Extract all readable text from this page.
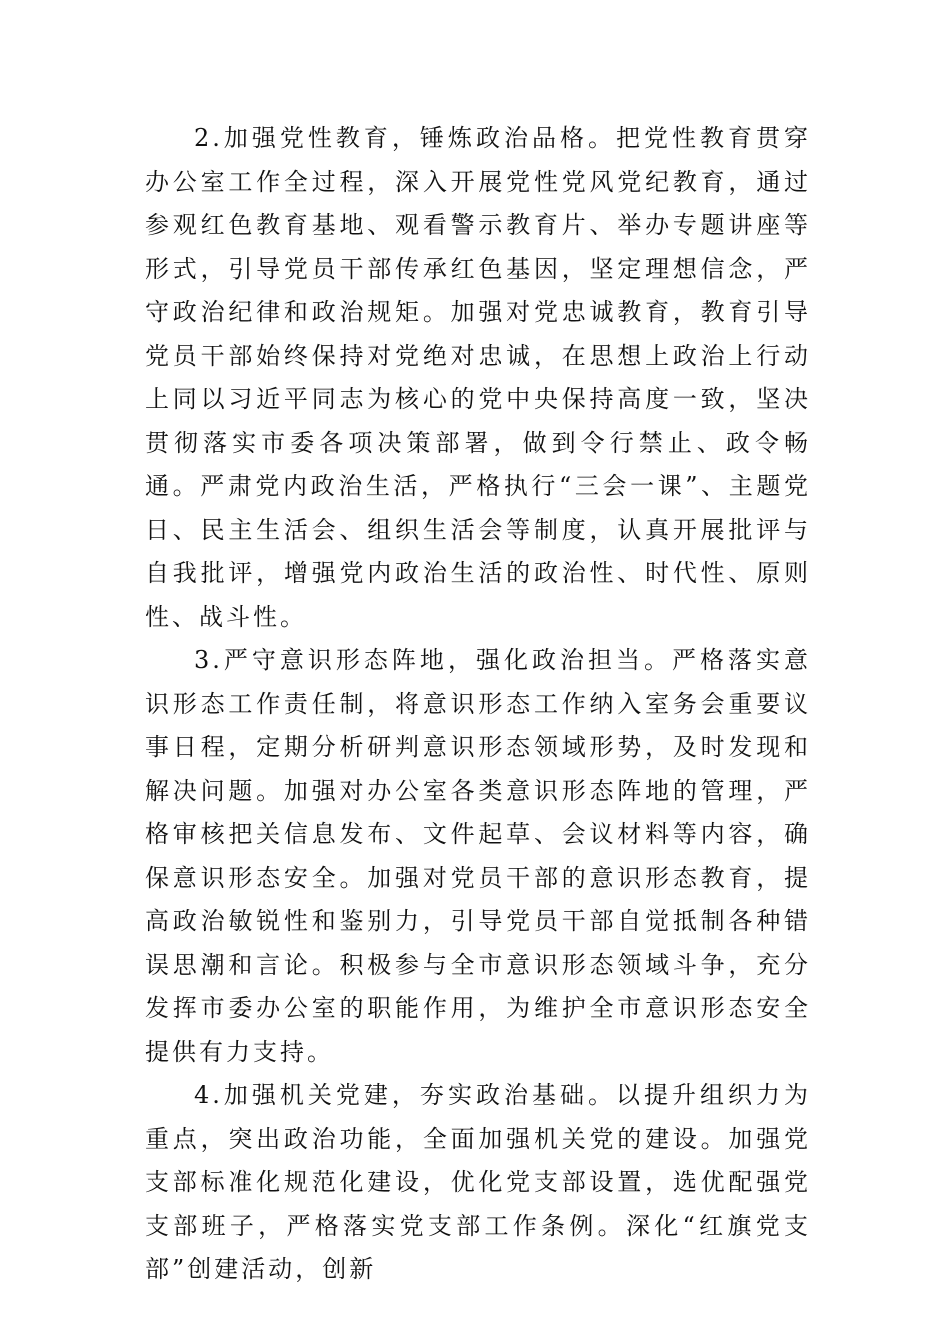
2.加强党性教育，锤炼政治品格。把党性教育贯穿办公室工作全过程，深入开展党性党风党纪教育，通过参观红色教育基地、观看警示教育片、举办专题讲座等形式，引导党员干部传承红色基因，坚定理想信念，严守政治纪律和政治规矩。加强对党忠诚教育，教育引导党员干部始终保持对党绝对忠诚，在思想上政治上行动上同以习近平同志为核心的党中央保持高度一致，坚决贯彻落实市委各项决策部署，做到令行禁止、政令畅通。严肃党内政治生活，严格执行“三会一课”、主题党日、民主生活会、组织生活会等制度，认真开展批评与自我批评，增强党内政治生活的政治性、时代性、原则性、战斗性。

3.严守意识形态阵地，强化政治担当。严格落实意识形态工作责任制，将意识形态工作纳入室务会重要议事日程，定期分析研判意识形态领域形势，及时发现和解决问题。加强对办公室各类意识形态阵地的管理，严格审核把关信息发布、文件起草、会议材料等内容，确保意识形态安全。加强对党员干部的意识形态教育，提高政治敏锐性和鉴别力，引导党员干部自觉抵制各种错误思潮和言论。积极参与全市意识形态领域斗争，充分发挥市委办公室的职能作用，为维护全市意识形态安全提供有力支持。

4.加强机关党建，夯实政治基础。以提升组织力为重点，突出政治功能，全面加强机关党的建设。加强党支部标准化规范化建设，优化党支部设置，选优配强党支部班子，严格落实党支部工作条例。深化“红旗党支部”创建活动，创新
